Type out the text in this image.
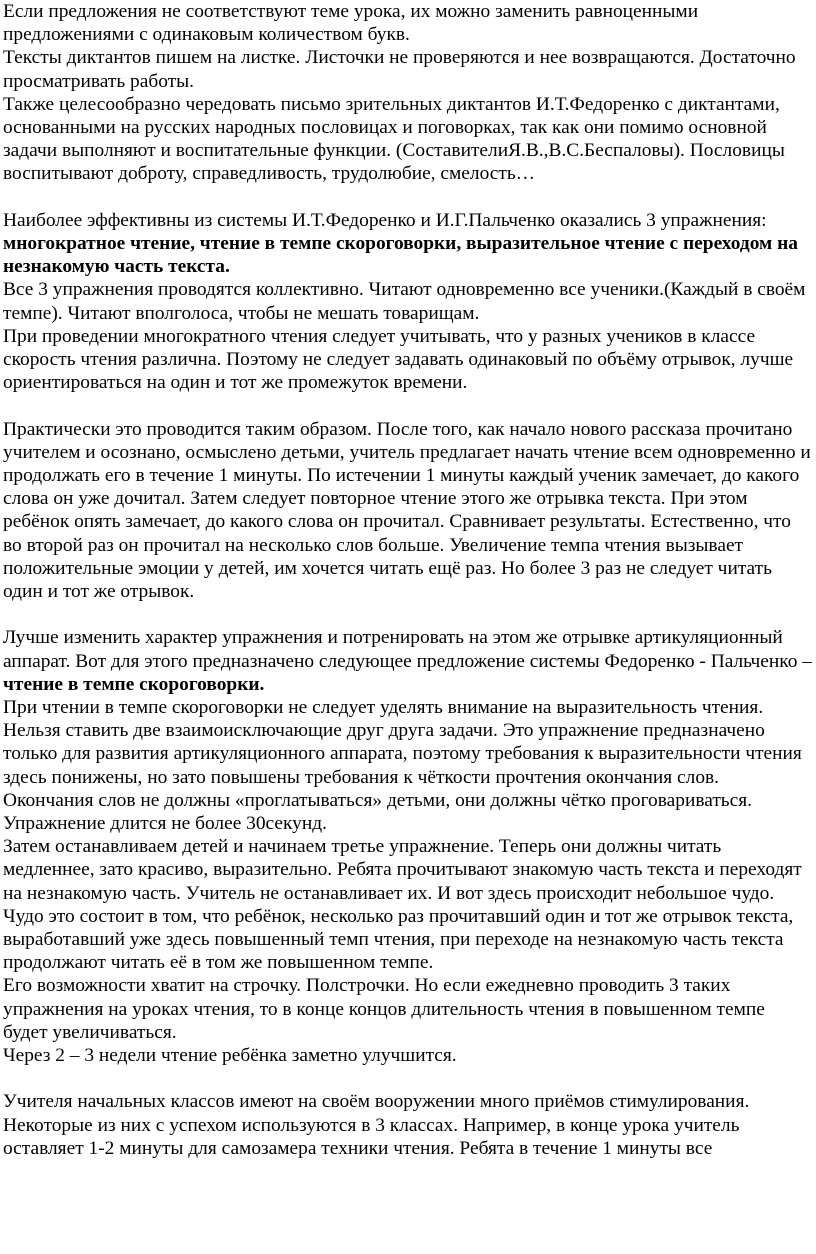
Если предложения не соответствуют теме урока, их можно заменить равноценными предложениями с одинаковым количеством букв.

Тексты диктантов пишем на листке. Листочки не проверяются и нее возвращаются. Достаточно просматривать работы.

Также целесообразно чередовать письмо зрительных диктантов И.Т.Федоренко с диктантами, основанными на русских народных пословицах и поговорках, так как они помимо основной задачи выполняют и воспитательные функции. (СоставителиЯ.В.,В.С.Беспаловы). Пословицы воспитывают доброту, справедливость, трудолюбие, смелость…

Наиболее эффективны из системы И.Т.Федоренко и И.Г.Пальченко оказались 3 упражнения: многократное чтение, чтение в темпе скороговорки, выразительное чтение с переходом на незнакомую часть текста.

Все 3 упражнения проводятся коллективно. Читают одновременно все ученики.(Каждый в своём темпе). Читают вполголоса, чтобы не мешать товарищам.

При проведении многократного чтения следует учитывать, что у разных учеников в классе скорость чтения различна. Поэтому не следует задавать одинаковый по объёму отрывок, лучше ориентироваться на один и тот же промежуток времени.

Практически это проводится таким образом. После того, как начало нового рассказа прочитано учителем и осознано, осмыслено детьми, учитель предлагает начать чтение всем одновременно и продолжать его в течение 1 минуты. По истечении 1 минуты каждый ученик замечает, до какого слова он уже дочитал. Затем следует повторное чтение этого же отрывка текста. При этом ребёнок опять замечает, до какого слова он прочитал. Сравнивает результаты. Естественно, что во второй раз он прочитал на несколько слов больше. Увеличение темпа чтения вызывает положительные эмоции у детей, им хочется читать ещё раз. Но более 3 раз не следует читать один и тот же отрывок.

Лучше изменить характер упражнения и потренировать на этом же отрывке артикуляционный аппарат. Вот для этого предназначено следующее предложение системы Федоренко - Пальченко – чтение в темпе скороговорки.

При чтении в темпе скороговорки не следует уделять внимание на выразительность чтения. Нельзя ставить две взаимоисключающие друг друга задачи. Это упражнение предназначено только для развития артикуляционного аппарата, поэтому требования к выразительности чтения здесь понижены, но зато повышены требования к чёткости прочтения окончания слов.

Окончания слов не должны «проглатываться» детьми, они должны чётко проговариваться. Упражнение длится не более 30секунд.

Затем останавливаем детей и начинаем третье упражнение. Теперь они должны читать медленнее, зато красиво, выразительно. Ребята прочитывают знакомую часть текста и переходят на незнакомую часть. Учитель не останавливает их. И вот здесь происходит небольшое чудо. Чудо это состоит в том, что ребёнок, несколько раз прочитавший один и тот же отрывок текста, выработавший уже здесь повышенный темп чтения, при переходе на незнакомую часть текста продолжают читать её в том же повышенном темпе.

Его возможности хватит на строчку. Полстрочки. Но если ежедневно проводить 3 таких упражнения на уроках чтения, то в конце концов длительность чтения в повышенном темпе будет увеличиваться.

Через 2 – 3 недели чтение ребёнка заметно улучшится.

Учителя начальных классов имеют на своём вооружении много приёмов стимулирования. Некоторые из них с успехом используются в 3 классах. Например, в конце урока учитель оставляет 1-2 минуты для самозамера техники чтения. Ребята в течение 1 минуты все
